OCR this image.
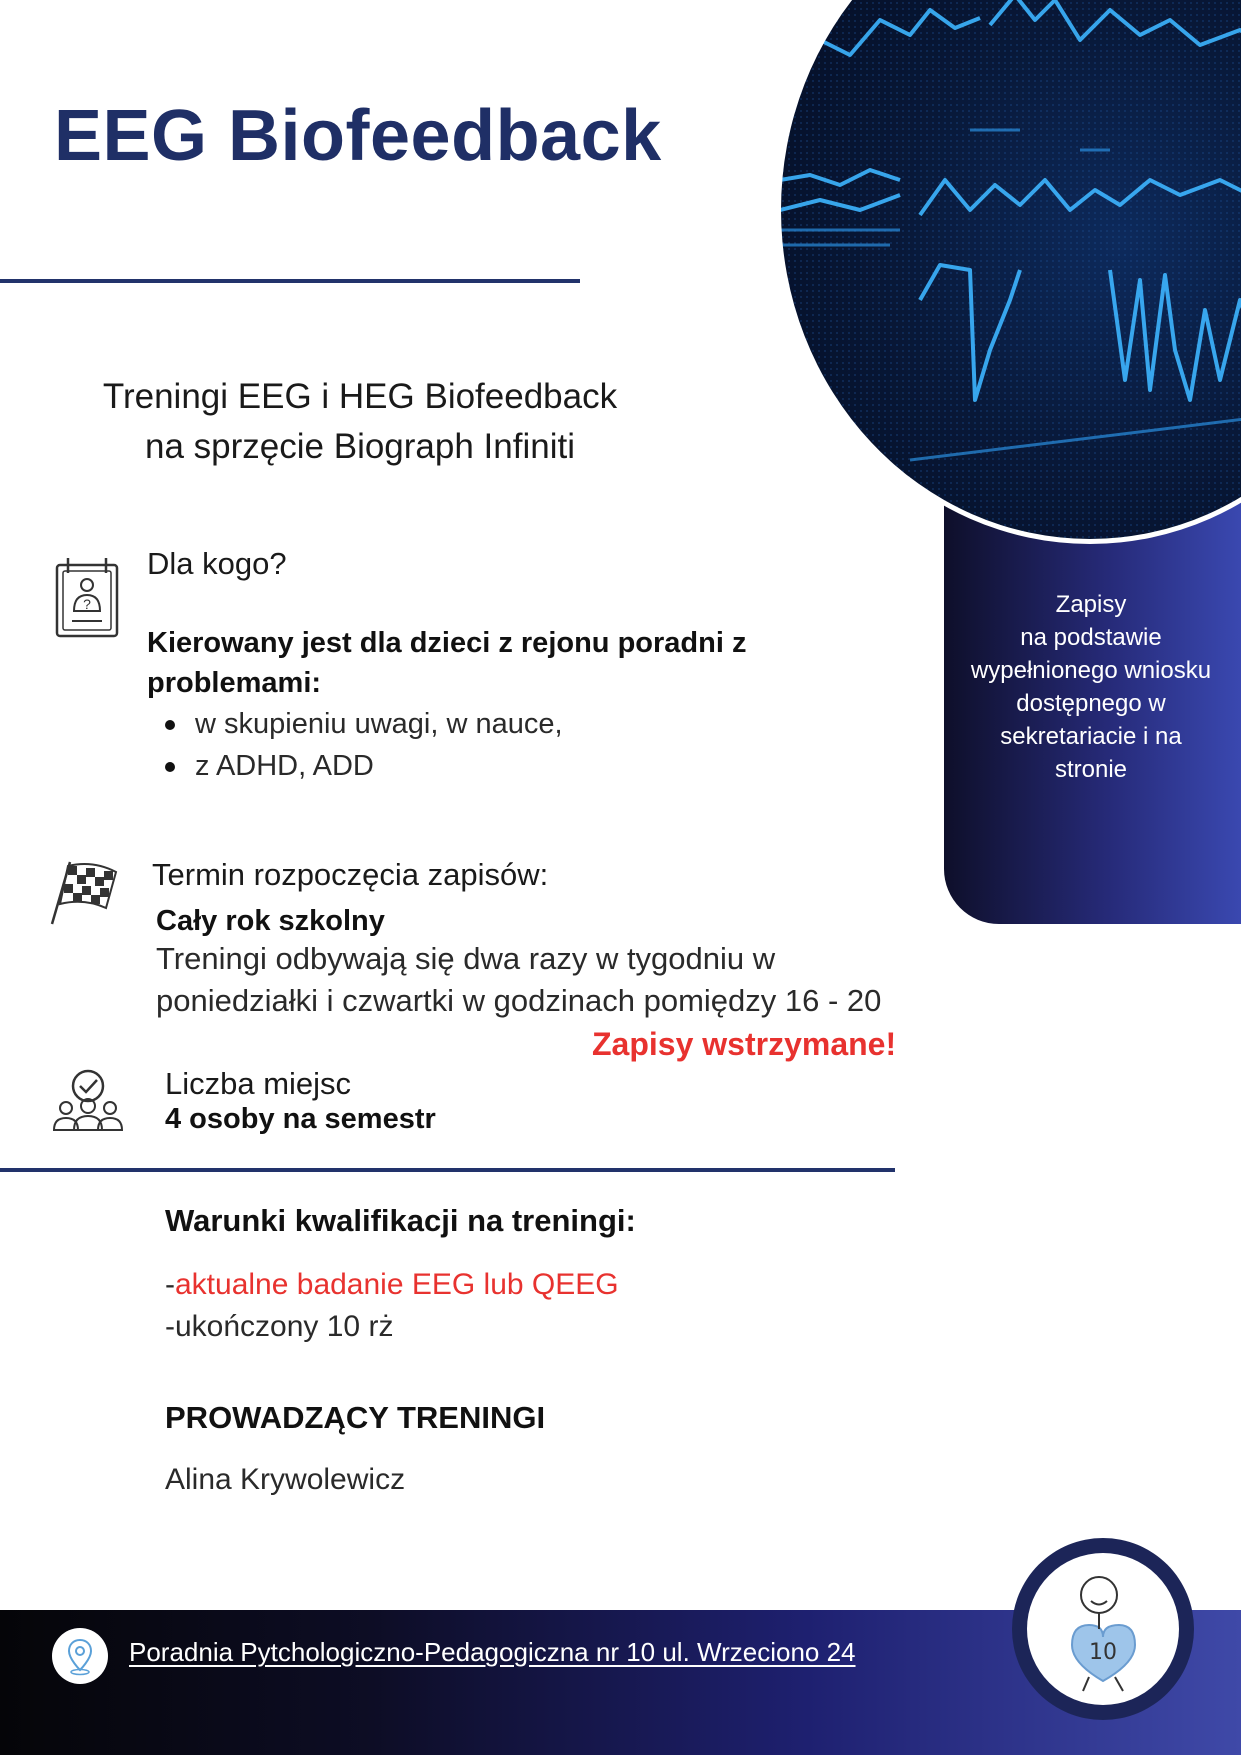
EEG Biofeedback
Treningi EEG i HEG Biofeedback
na sprzęcie Biograph Infiniti
Zapisy
na podstawie
wypełnionego wniosku
dostępnego w
sekretariacie i na
stronie
?
Dla kogo?
Kierowany jest dla dzieci z rejonu poradni z problemami:
w skupieniu uwagi, w nauce,
z ADHD, ADD
Termin rozpoczęcia zapisów:
Cały rok szkolny
Treningi odbywają się dwa razy w tygodniu w
poniedziałki i czwartki w godzinach pomiędzy 16 - 20
Zapisy wstrzymane!
Liczba miejsc
4 osoby na semestr
Warunki kwalifikacji na treningi:
-aktualne badanie EEG lub QEEG
-ukończony 10 rż
PROWADZĄCY TRENINGI
Alina Krywolewicz
Poradnia Pytchologiczno-Pedagogiczna nr 10 ul. Wrzeciono 24	10
